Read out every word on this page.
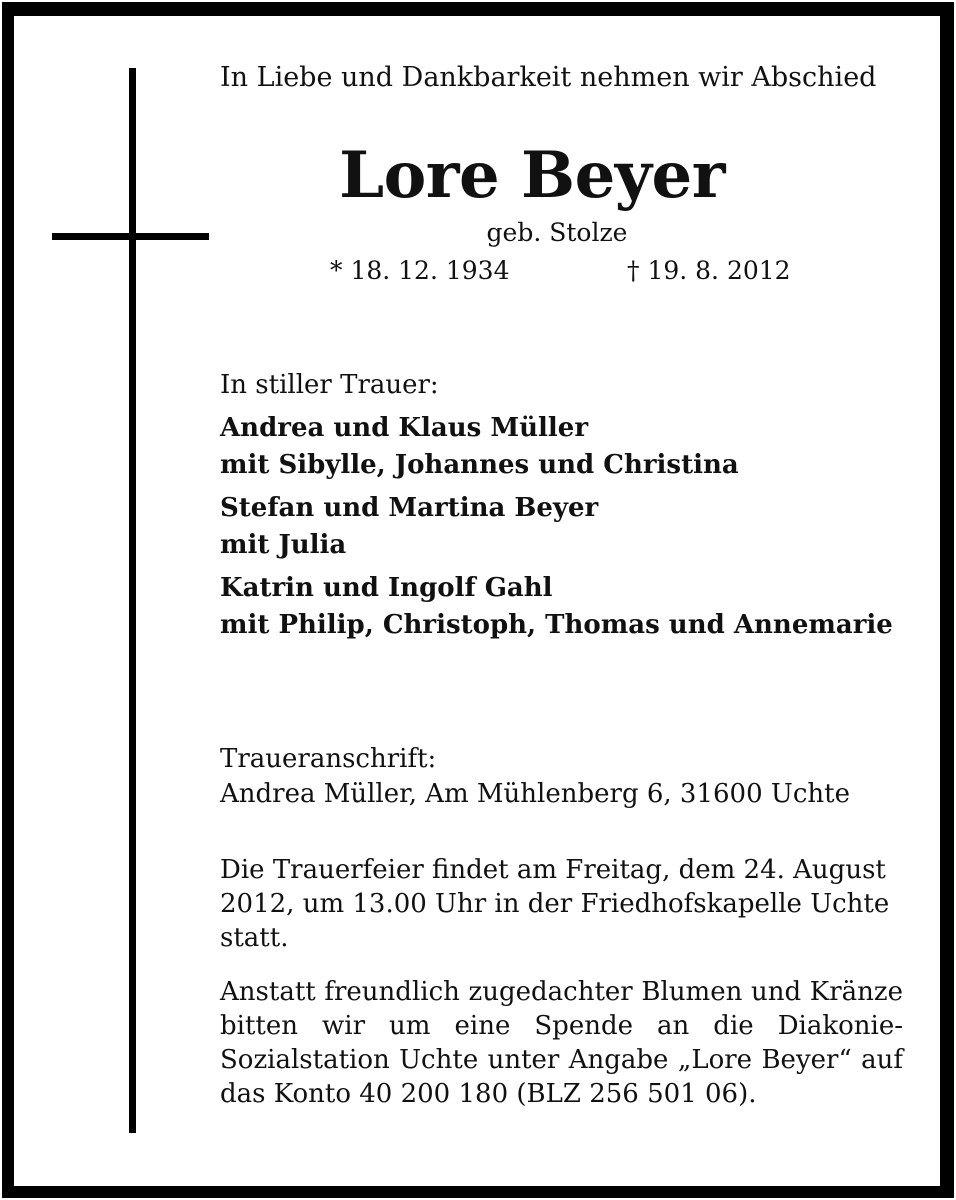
In Liebe und Dankbarkeit nehmen wir Abschied
Lore Beyer
geb. Stolze
* 18. 12. 1934	† 19. 8. 2012
In stiller Trauer:
Andrea und Klaus Müller
mit Sibylle, Johannes und Christina
Stefan und Martina Beyer
mit Julia
Katrin und Ingolf Gahl
mit Philip, Christoph, Thomas und Annemarie
Traueranschrift:
Andrea Müller, Am Mühlenberg 6, 31600 Uchte
Die Trauerfeier findet am Freitag, dem 24. August 2012, um 13.00 Uhr in der Friedhofskapelle Uchte statt.
Anstatt freundlich zugedachter Blumen und Kränze bitten wir um eine Spende an die Diakonie-Sozialstation Uchte unter Angabe „Lore Beyer“ auf das Konto 40 200 180 (BLZ 256 501 06).
